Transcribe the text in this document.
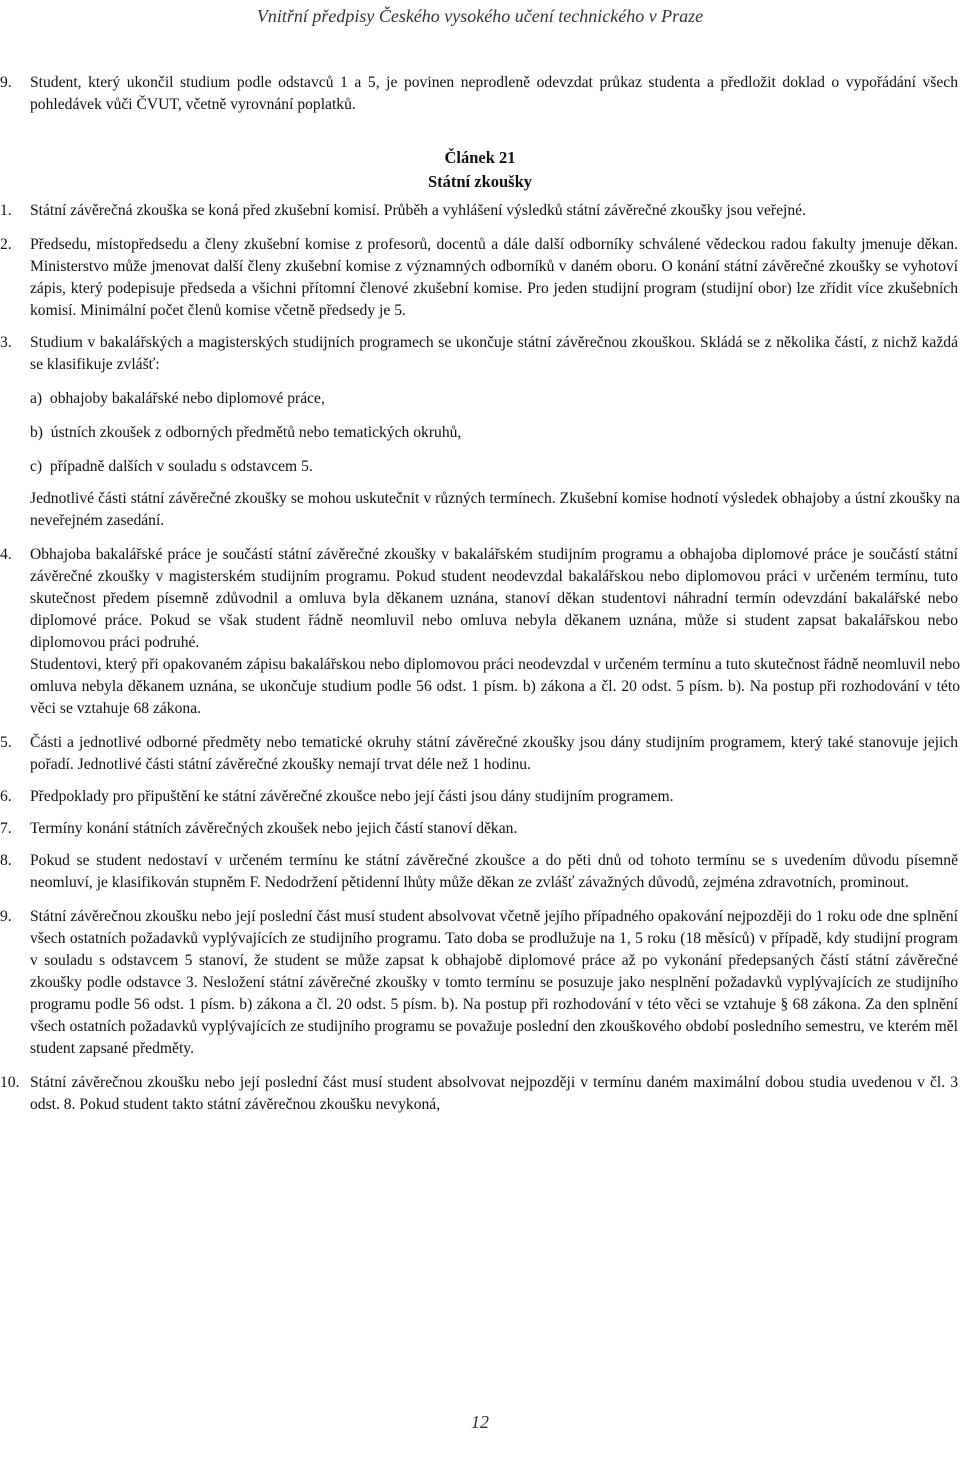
Vnitřní předpisy Českého vysokého učení technického v Praze
9. Student, který ukončil studium podle odstavců 1 a 5, je povinen neprodleně odevzdat průkaz studenta a předložit doklad o vypořádání všech pohledávek vůči ČVUT, včetně vyrovnání poplatků.

Článek 21

Státní zkoušky

1. Státní závěrečná zkouška se koná před zkušební komisí. Průběh a vyhlášení výsledků státní závěrečné zkoušky jsou veřejné.
2. Předsedu, místopředsedu a členy zkušební komise z profesorů, docentů a dále další odborníky schválené vědeckou radou fakulty jmenuje děkan. Ministerstvo může jmenovat další členy zkušební komise z významných odborníků v daném oboru. O konání státní závěrečné zkoušky se vyhotoví zápis, který podepisuje předseda a všichni přítomní členové zkušební komise. Pro jeden studijní program (studijní obor) lze zřídit více zkušebních komisí. Minimální počet členů komise včetně předsedy je 5.
3. Studium v bakalářských a magisterských studijních programech se ukončuje státní závěrečnou zkouškou. Skládá se z několika částí, z nichž každá se klasifikuje zvlášť:

a)  obhajoby bakalářské nebo diplomové práce,

b)  ústních zkoušek z odborných předmětů nebo tematických okruhů,

c)  případně dalších v souladu s odstavcem 5.

Jednotlivé části státní závěrečné zkoušky se mohou uskutečnit v různých termínech. Zkušební komise hodnotí výsledek obhajoby a ústní zkoušky na neveřejném zasedání.

4. Obhajoba bakalářské práce je součástí státní závěrečné zkoušky v bakalářském studijním programu a obhajoba diplomové práce je součástí státní závěrečné zkoušky v magisterském studijním programu. Pokud student neodevzdal bakalářskou nebo diplomovou práci v určeném termínu, tuto skutečnost předem písemně zdůvodnil a omluva byla děkanem uznána, stanoví děkan studentovi náhradní termín odevzdání bakalářské nebo diplomové práce. Pokud se však student řádně neomluvil nebo omluva nebyla děkanem uznána, může si student zapsat bakalářskou nebo diplomovou práci podruhé.

Studentovi, který při opakovaném zápisu bakalářskou nebo diplomovou práci neodevzdal v určeném termínu a tuto skutečnost řádně neomluvil nebo omluva nebyla děkanem uznána, se ukončuje studium podle 56 odst. 1 písm. b) zákona a čl. 20 odst. 5 písm. b). Na postup při rozhodování v této věci se vztahuje 68 zákona.

5. Části a jednotlivé odborné předměty nebo tematické okruhy státní závěrečné zkoušky jsou dány studijním programem, který také stanovuje jejich pořadí. Jednotlivé části státní závěrečné zkoušky nemají trvat déle než 1 hodinu.
6. Předpoklady pro připuštění ke státní závěrečné zkoušce nebo její části jsou dány studijním programem.
7. Termíny konání státních závěrečných zkoušek nebo jejich částí stanoví děkan.
8. Pokud se student nedostaví v určeném termínu ke státní závěrečné zkoušce a do pěti dnů od tohoto termínu se s uvedením důvodu písemně neomluví, je klasifikován stupněm F. Nedodržení pětidenní lhůty může děkan ze zvlášť závažných důvodů, zejména zdravotních, prominout.
9. Státní závěrečnou zkoušku nebo její poslední část musí student absolvovat včetně jejího případného opakování nejpozději do 1 roku ode dne splnění všech ostatních požadavků vyplývajících ze studijního programu. Tato doba se prodlužuje na 1, 5 roku (18 měsíců) v případě, kdy studijní program v souladu s odstavcem 5 stanoví, že student se může zapsat k obhajobě diplomové práce až po vykonání předepsaných částí státní závěrečné zkoušky podle odstavce 3. Nesložení státní závěrečné zkoušky v tomto termínu se posuzuje jako nesplnění požadavků vyplývajících ze studijního programu podle 56 odst. 1 písm. b) zákona a čl. 20 odst. 5 písm. b). Na postup při rozhodování v této věci se vztahuje § 68 zákona. Za den splnění všech ostatních požadavků vyplývajících ze studijního programu se považuje poslední den zkouškového období posledního semestru, ve kterém měl student zapsané předměty.
10. Státní závěrečnou zkoušku nebo její poslední část musí student absolvovat nejpozději v termínu daném maximální dobou studia uvedenou v čl. 3 odst. 8. Pokud student takto státní závěrečnou zkoušku nevykoná,
12
